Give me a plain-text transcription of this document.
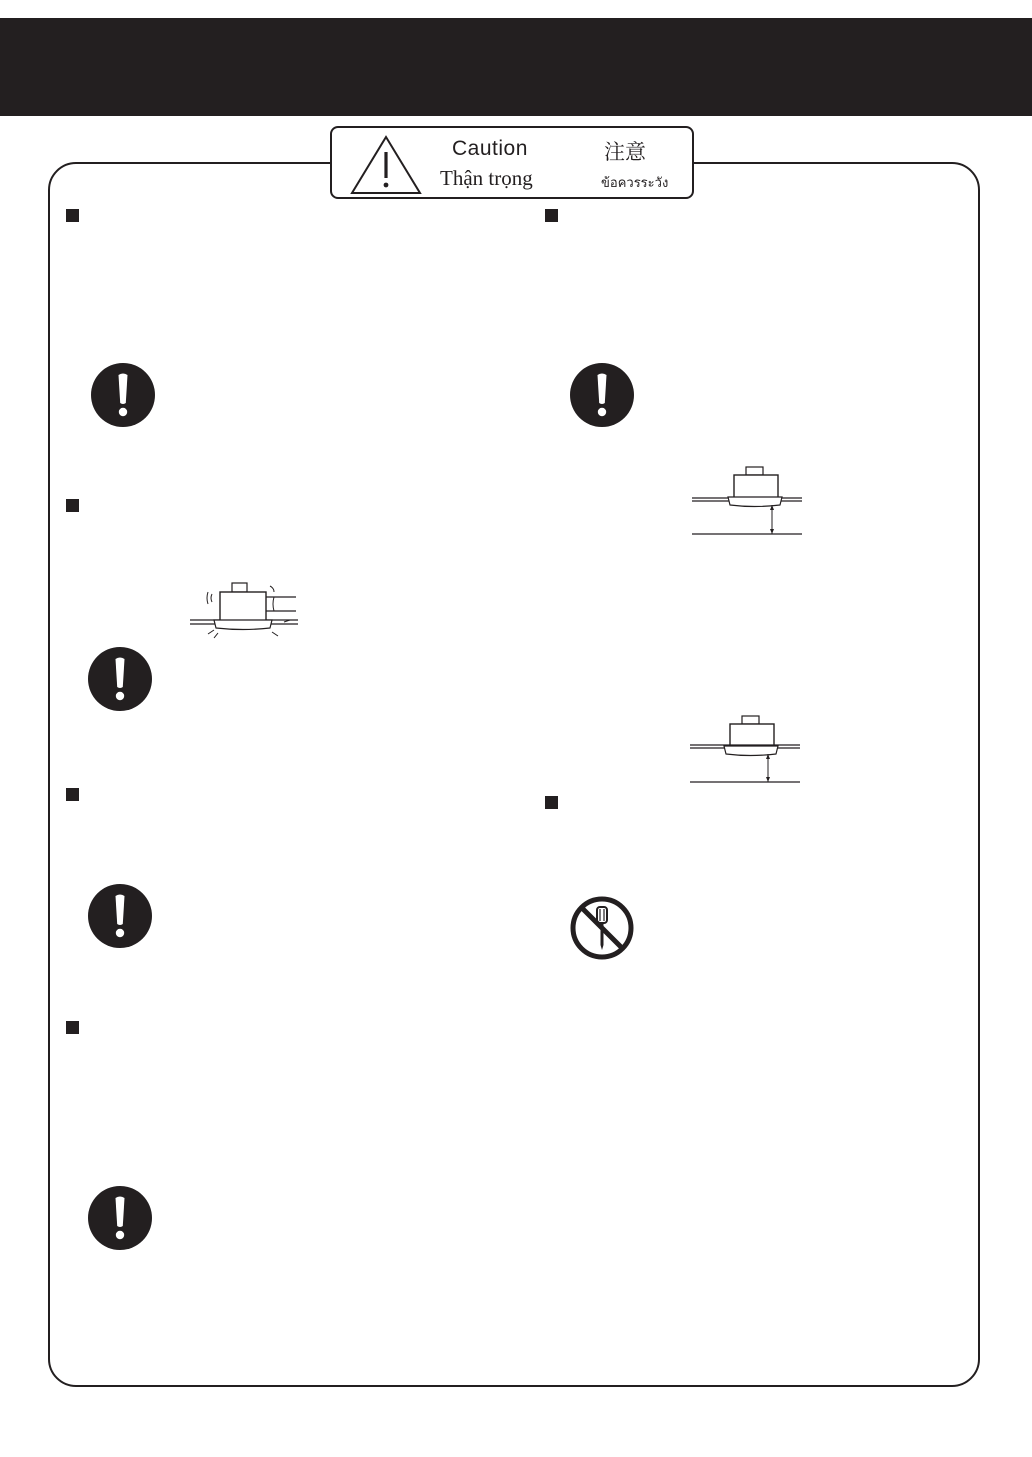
Caution
Thận trọng
注意
ข้อควรระวัง
